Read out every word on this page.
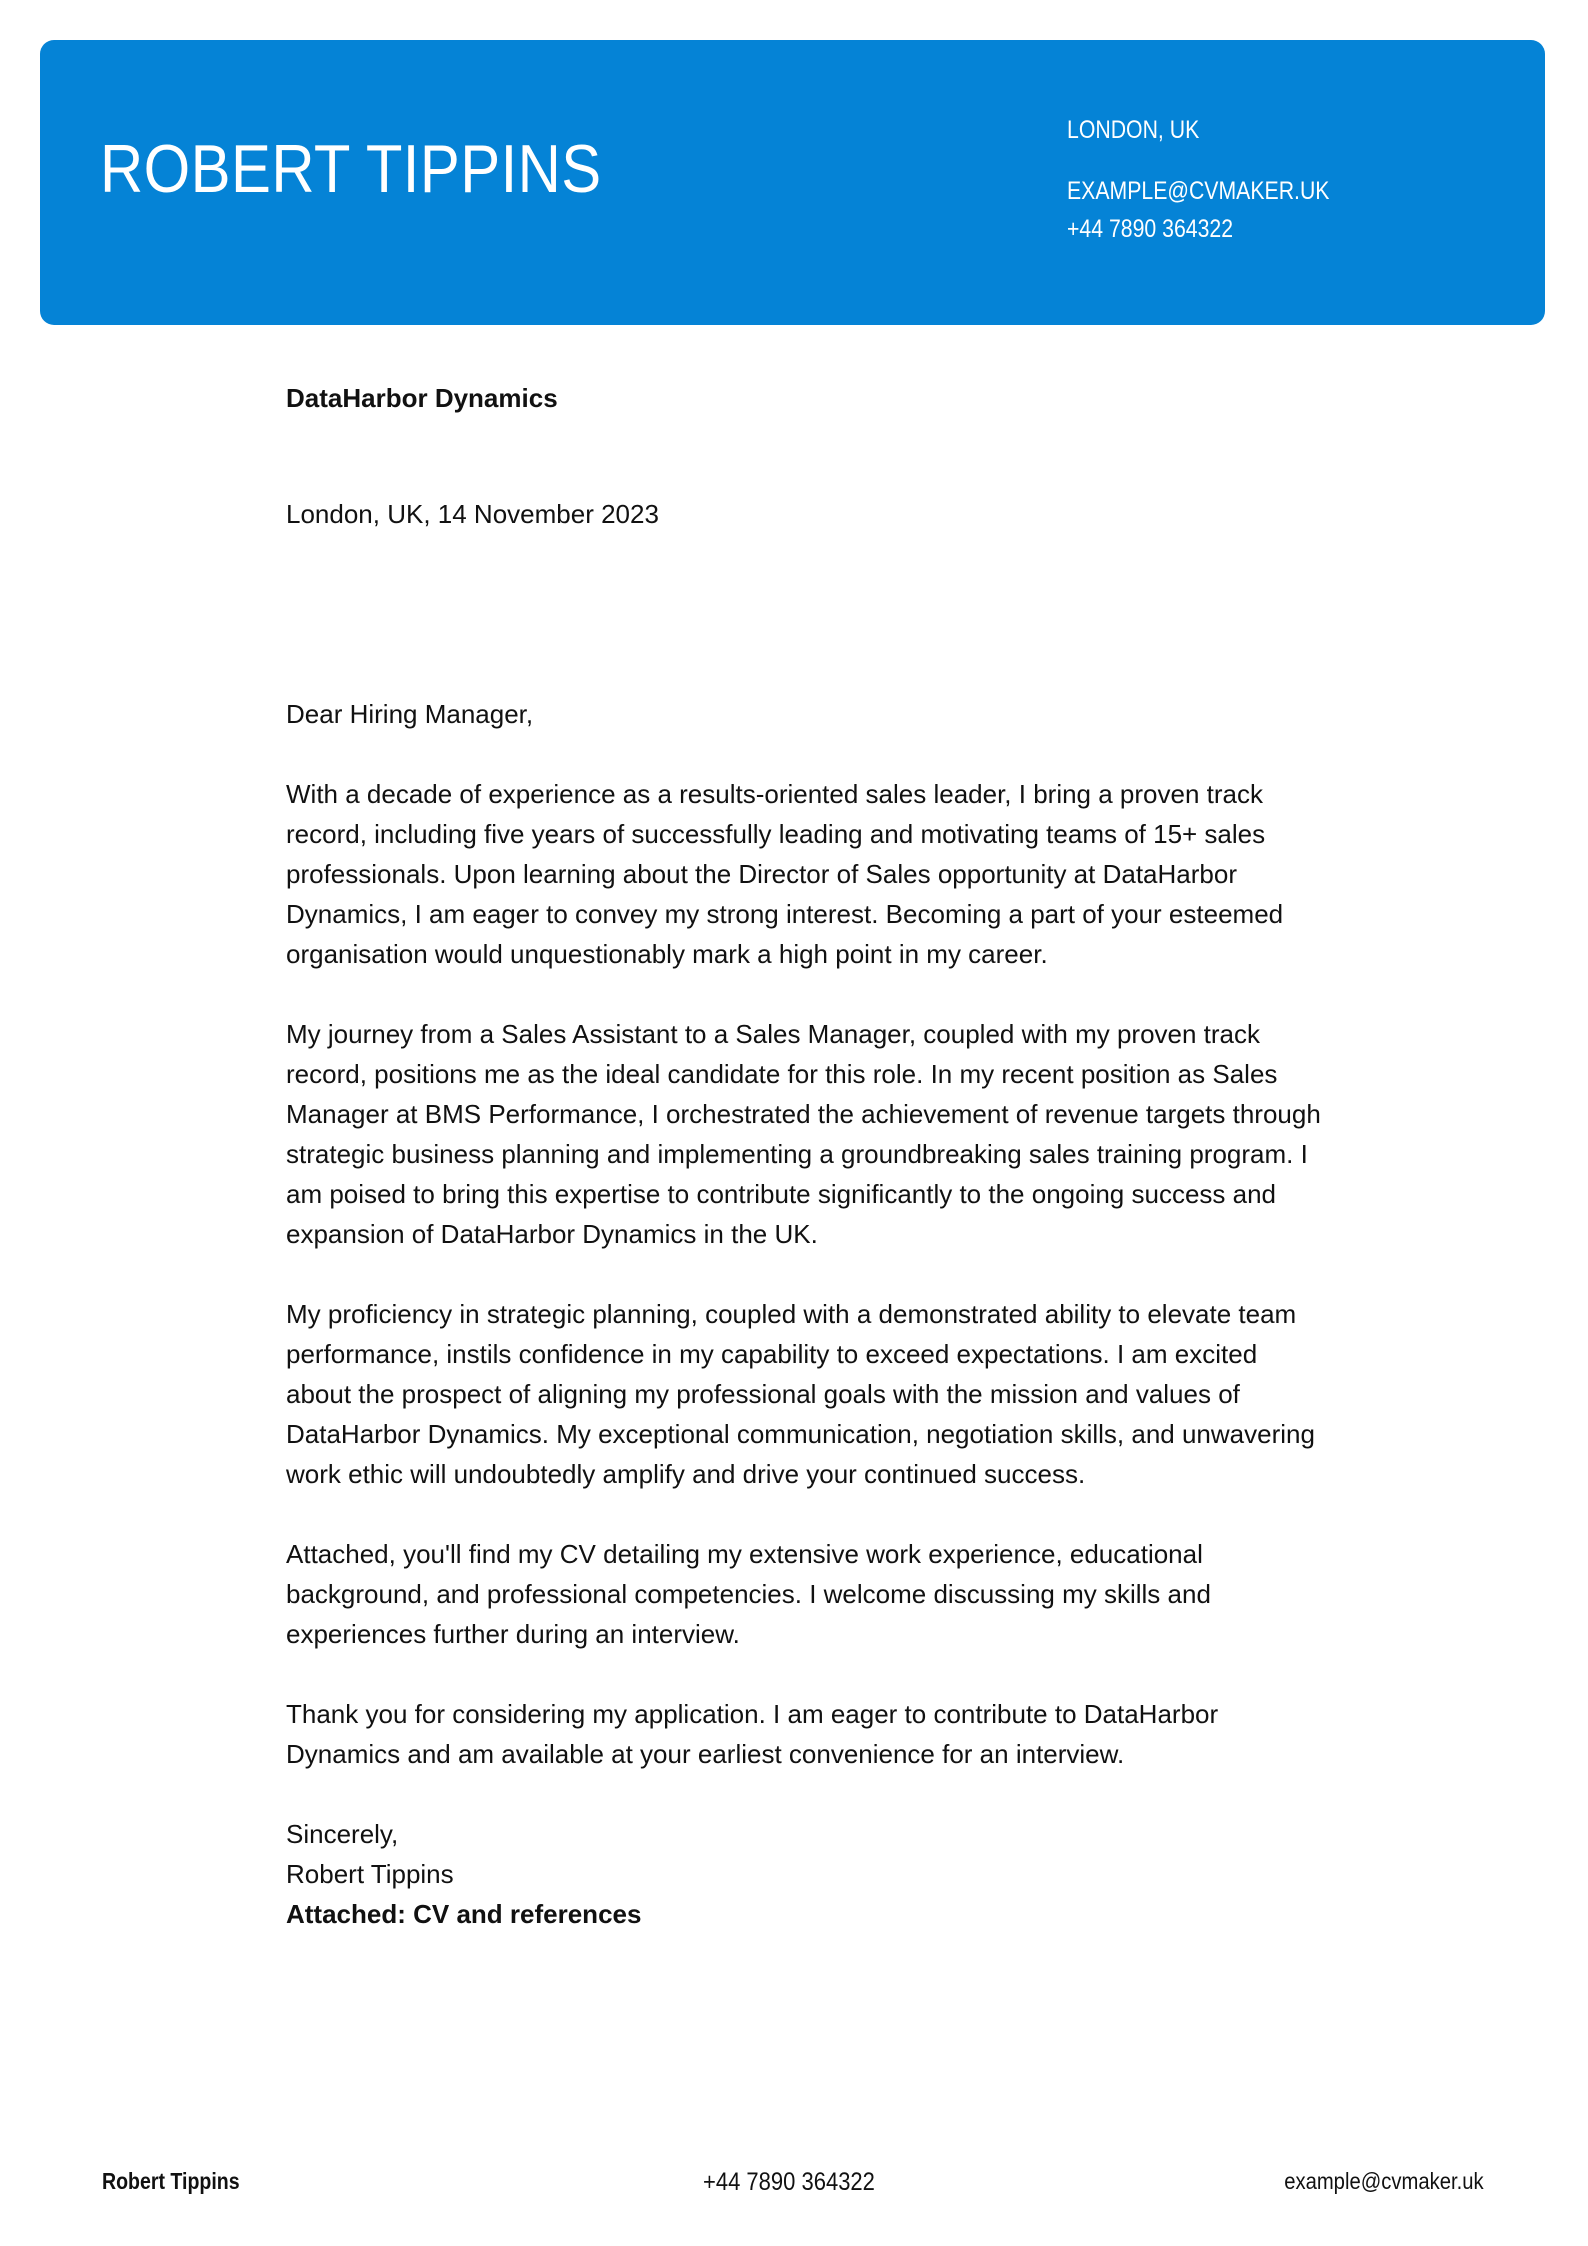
ROBERT TIPPINS
LONDON, UK
EXAMPLE@CVMAKER.UK
+44 7890 364322
DataHarbor Dynamics
London, UK, 14 November 2023
Dear Hiring Manager,

With a decade of experience as a results-oriented sales leader, I bring a proven track record, including five years of successfully leading and motivating teams of 15+ sales professionals. Upon learning about the Director of Sales opportunity at DataHarbor Dynamics, I am eager to convey my strong interest. Becoming a part of your esteemed organisation would unquestionably mark a high point in my career.

My journey from a Sales Assistant to a Sales Manager, coupled with my proven track record, positions me as the ideal candidate for this role. In my recent position as Sales Manager at BMS Performance, I orchestrated the achievement of revenue targets through strategic business planning and implementing a groundbreaking sales training program. I am poised to bring this expertise to contribute significantly to the ongoing success and expansion of DataHarbor Dynamics in the UK.

My proficiency in strategic planning, coupled with a demonstrated ability to elevate team performance, instils confidence in my capability to exceed expectations. I am excited about the prospect of aligning my professional goals with the mission and values of DataHarbor Dynamics. My exceptional communication, negotiation skills, and unwavering work ethic will undoubtedly amplify and drive your continued success.

Attached, you'll find my CV detailing my extensive work experience, educational background, and professional competencies. I welcome discussing my skills and experiences further during an interview.

Thank you for considering my application. I am eager to contribute to DataHarbor Dynamics and am available at your earliest convenience for an interview.

Sincerely,
Robert Tippins
Attached: CV and references
Robert Tippins	+44 7890 364322	example@cvmaker.uk
